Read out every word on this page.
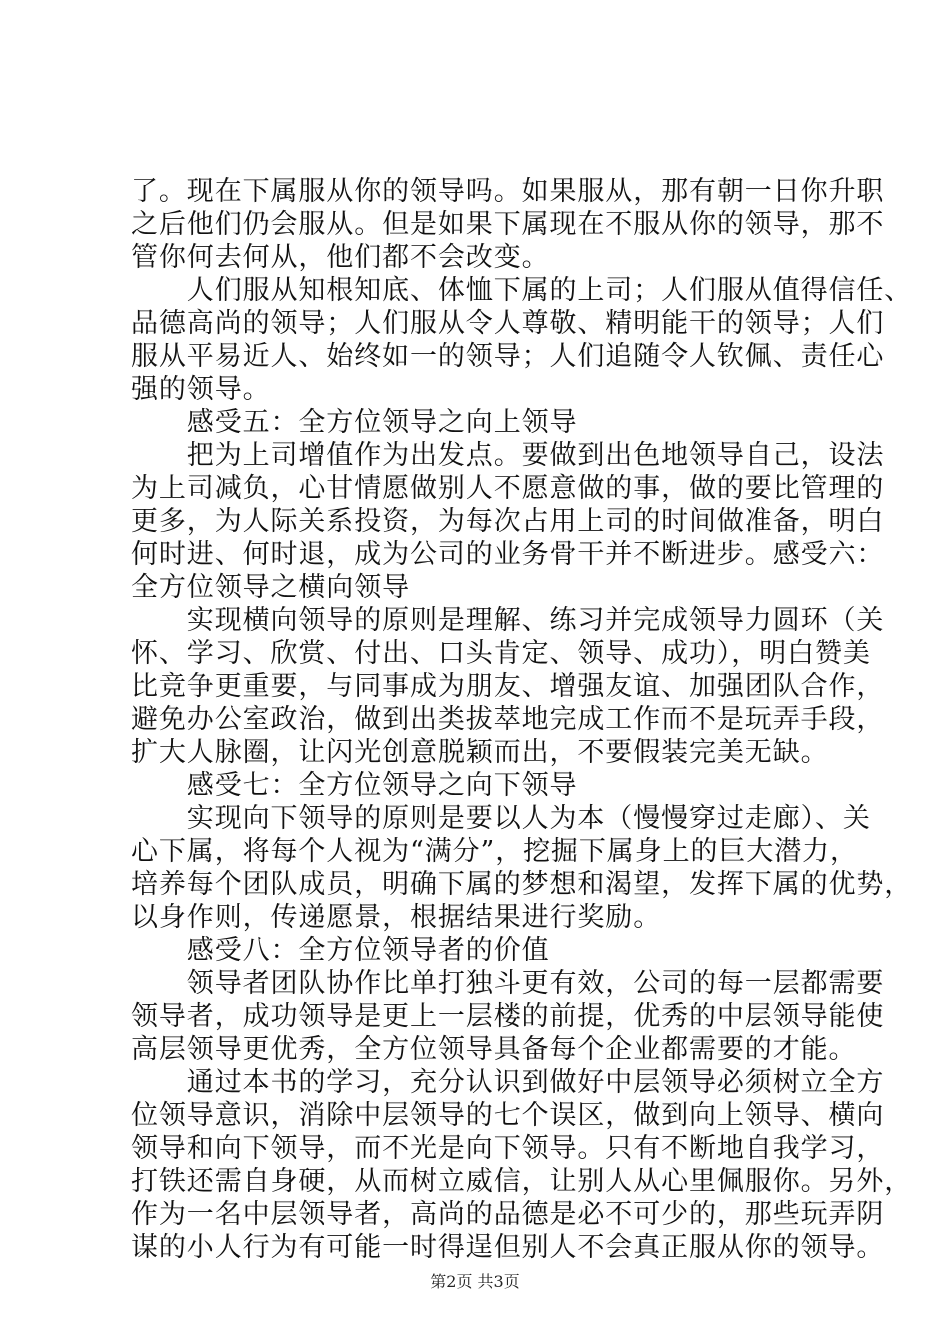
了。现在下属服从你的领导吗。如果服从，那有朝一日你升职
之后他们仍会服从。但是如果下属现在不服从你的领导，那不
管你何去何从，他们都不会改变。
　　人们服从知根知底、体恤下属的上司；人们服从值得信任、
品德高尚的领导；人们服从令人尊敬、精明能干的领导；人们
服从平易近人、始终如一的领导；人们追随令人钦佩、责任心
强的领导。
　　感受五：全方位领导之向上领导
　　把为上司增值作为出发点。要做到出色地领导自己，设法
为上司减负，心甘情愿做别人不愿意做的事，做的要比管理的
更多，为人际关系投资，为每次占用上司的时间做准备，明白
何时进、何时退，成为公司的业务骨干并不断进步。感受六：
全方位领导之横向领导
　　实现横向领导的原则是理解、练习并完成领导力圆环（关
怀、学习、欣赏、付出、口头肯定、领导、成功），明白赞美
比竞争更重要，与同事成为朋友、增强友谊、加强团队合作，
避免办公室政治，做到出类拔萃地完成工作而不是玩弄手段，
扩大人脉圈，让闪光创意脱颖而出，不要假装完美无缺。
　　感受七：全方位领导之向下领导
　　实现向下领导的原则是要以人为本（慢慢穿过走廊）、关
心下属，将每个人视为“满分”，挖掘下属身上的巨大潜力，
培养每个团队成员，明确下属的梦想和渴望，发挥下属的优势，
以身作则，传递愿景，根据结果进行奖励。
　　感受八：全方位领导者的价值
　　领导者团队协作比单打独斗更有效，公司的每一层都需要
领导者，成功领导是更上一层楼的前提，优秀的中层领导能使
高层领导更优秀，全方位领导具备每个企业都需要的才能。
　　通过本书的学习，充分认识到做好中层领导必须树立全方
位领导意识，消除中层领导的七个误区，做到向上领导、横向
领导和向下领导，而不光是向下领导。只有不断地自我学习，
打铁还需自身硬，从而树立威信，让别人从心里佩服你。另外，
作为一名中层领导者，高尚的品德是必不可少的，那些玩弄阴
谋的小人行为有可能一时得逞但别人不会真正服从你的领导。
第2页 共3页
